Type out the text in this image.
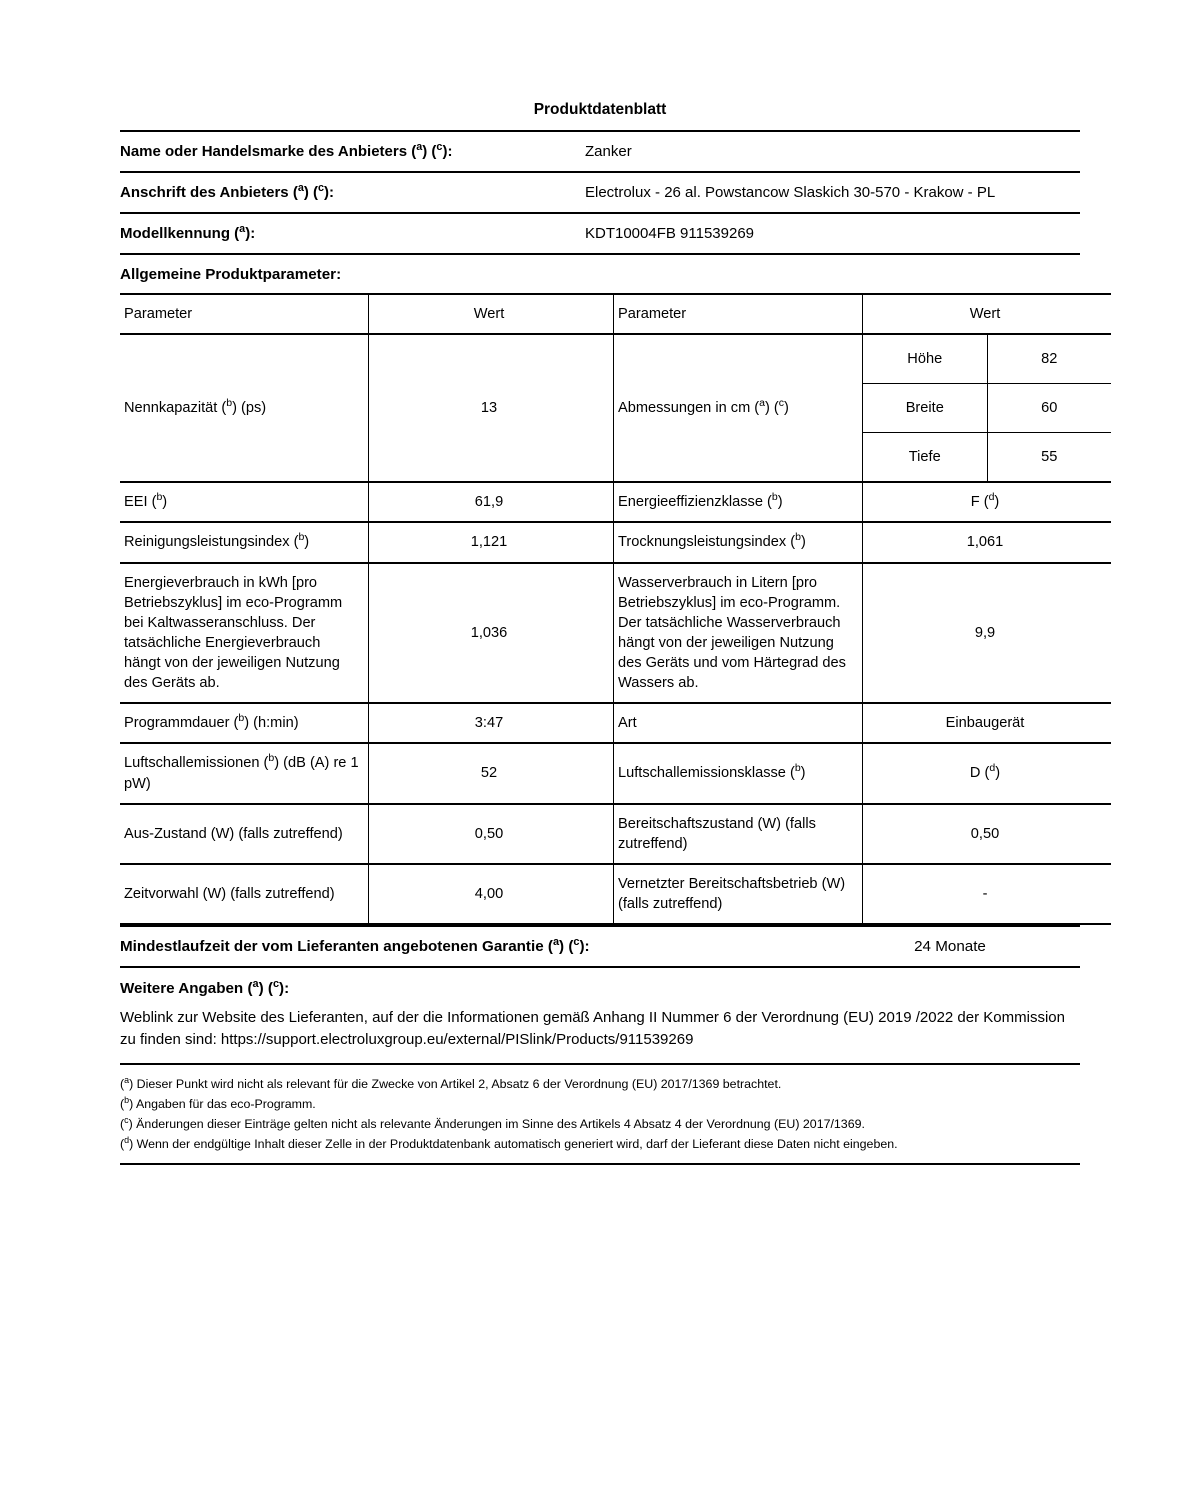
Produktdatenblatt
Name oder Handelsmarke des Anbieters ($^a$) ($^c$):	Zanker
Anschrift des Anbieters ($^a$) ($^c$):	Electrolux - 26 al. Powstancow Slaskich 30-570 - Krakow - PL
Modellkennung ($^a$):	KDT10004FB 911539269
Allgemeine Produktparameter:
Parameter	Wert	Parameter	Wert
Nennkapazität ($^b$) (ps)	13	Abmessungen in cm ($^a$) ($^c$)	
Höhe	82
Breite	60
Tiefe	55

EEI ($^b$)	61,9	Energieeffizienzklasse ($^b$)	F ($^d$)
Reinigungsleistungsindex ($^b$)	1,121	Trocknungsleistungsindex ($^b$)	1,061
Energieverbrauch in kWh [pro Betriebszyklus] im eco-Programm bei Kaltwasseranschluss. Der tatsächliche Energieverbrauch hängt von der jeweiligen Nutzung des Geräts ab.	1,036	Wasserverbrauch in Litern [pro Betriebszyklus] im eco-Programm. Der tatsächliche Wasserverbrauch hängt von der jeweiligen Nutzung des Geräts und vom Härtegrad des Wassers ab.	9,9
Programmdauer ($^b$) (h:min)	3:47	Art	Einbaugerät
Luftschallemissionen ($^b$) (dB (A) re 1 pW)	52	Luftschallemissionsklasse ($^b$)	D ($^d$)
Aus-Zustand (W) (falls zutreffend)	0,50	Bereitschaftszustand (W) (falls zutreffend)	0,50
Zeitvorwahl (W) (falls zutreffend)	4,00	Vernetzter Bereitschaftsbetrieb (W) (falls zutreffend)	-
Mindestlaufzeit der vom Lieferanten angebotenen Garantie ($^a$) ($^c$):	24 Monate
Weitere Angaben ($^a$) ($^c$):
Weblink zur Website des Lieferanten, auf der die Informationen gemäß Anhang II Nummer 6 der Verordnung (EU) 2019 /2022 der Kommission zu finden sind: https://support.electroluxgroup.eu/external/PISlink/Products/911539269
($^a$) Dieser Punkt wird nicht als relevant für die Zwecke von Artikel 2, Absatz 6 der Verordnung (EU) 2017/1369 betrachtet.
($^b$) Angaben für das eco-Programm.
($^c$) Änderungen dieser Einträge gelten nicht als relevante Änderungen im Sinne des Artikels 4 Absatz 4 der Verordnung (EU) 2017/1369.
($^d$) Wenn der endgültige Inhalt dieser Zelle in der Produktdatenbank automatisch generiert wird, darf der Lieferant diese Daten nicht eingeben.
